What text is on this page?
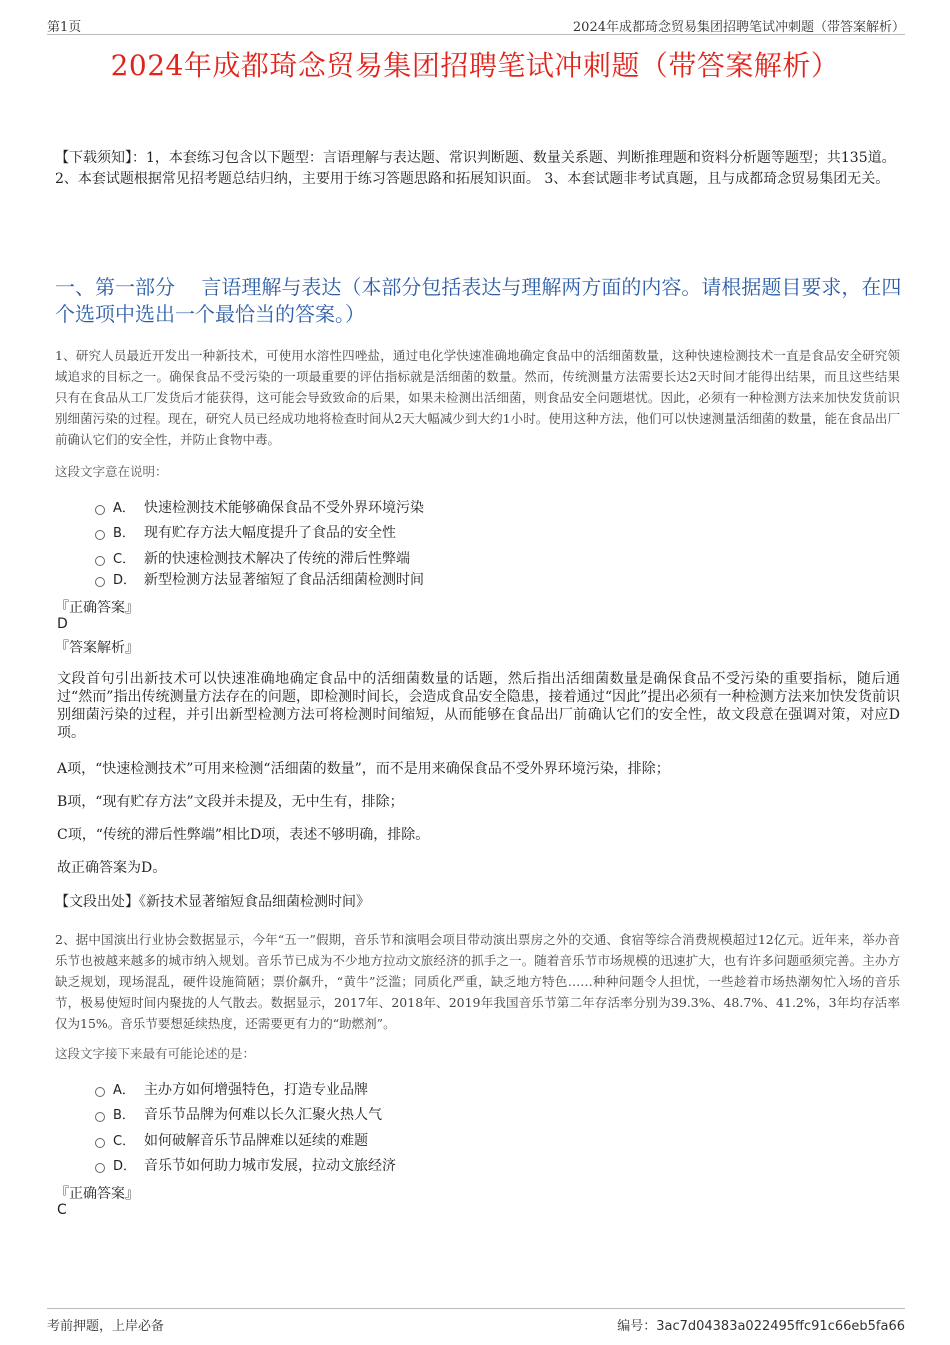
第1页	2024年成都琦念贸易集团招聘笔试冲刺题（带答案解析）
2024年成都琦念贸易集团招聘笔试冲刺题（带答案解析）
【下载须知】：1，本套练习包含以下题型：言语理解与表达题、常识判断题、数量关系题、判断推理题和资料分析题等题型；共135道。 2、本套试题根据常见招考题总结归纳，主要用于练习答题思路和拓展知识面。 3、本套试题非考试真题，且与成都琦念贸易集团无关。
一、第一部分　 言语理解与表达（本部分包括表达与理解两方面的内容。请根据题目要求，在四个选项中选出一个最恰当的答案。）
1、研究人员最近开发出一种新技术，可使用水溶性四唑盐，通过电化学快速准确地确定食品中的活细菌数量，这种快速检测技术一直是食品安全研究领域追求的目标之一。确保食品不受污染的一项最重要的评估指标就是活细菌的数量。然而，传统测量方法需要长达2天时间才能得出结果，而且这些结果只有在食品从工厂发货后才能获得，这可能会导致致命的后果，如果未检测出活细菌，则食品安全问题堪忧。因此，必须有一种检测方法来加快发货前识别细菌污染的过程。现在，研究人员已经成功地将检查时间从2天大幅减少到大约1小时。使用这种方法，他们可以快速测量活细菌的数量，能在食品出厂前确认它们的安全性，并防止食物中毒。
这段文字意在说明：
A． 快速检测技术能够确保食品不受外界环境污染
B． 现有贮存方法大幅度提升了食品的安全性
C． 新的快速检测技术解决了传统的滞后性弊端
D． 新型检测方法显著缩短了食品活细菌检测时间
『正确答案』
D
『答案解析』
文段首句引出新技术可以快速准确地确定食品中的活细菌数量的话题，然后指出活细菌数量是确保食品不受污染的重要指标，随后通过“然而”指出传统测量方法存在的问题，即检测时间长，会造成食品安全隐患，接着通过“因此”提出必须有一种检测方法来加快发货前识别细菌污染的过程，并引出新型检测方法可将检测时间缩短，从而能够在食品出厂前确认它们的安全性，故文段意在强调对策，对应D项。
A项，“快速检测技术”可用来检测“活细菌的数量”，而不是用来确保食品不受外界环境污染，排除；
B项，“现有贮存方法”文段并未提及，无中生有，排除；
C项，“传统的滞后性弊端”相比D项，表述不够明确，排除。
故正确答案为D。
【文段出处】《新技术显著缩短食品细菌检测时间》
2、据中国演出行业协会数据显示，今年“五一”假期，音乐节和演唱会项目带动演出票房之外的交通、食宿等综合消费规模超过12亿元。近年来，举办音乐节也被越来越多的城市纳入规划。音乐节已成为不少地方拉动文旅经济的抓手之一。随着音乐节市场规模的迅速扩大，也有许多问题亟须完善。主办方缺乏规划，现场混乱，硬件设施简陋；票价飙升，“黄牛”泛滥；同质化严重，缺乏地方特色……种种问题令人担忧，一些趁着市场热潮匆忙入场的音乐节，极易使短时间内聚拢的人气散去。数据显示，2017年、2018年、2019年我国音乐节第二年存活率分别为39.3%、48.7%、41.2%，3年均存活率仅为15%。音乐节要想延续热度，还需要更有力的“助燃剂”。
这段文字接下来最有可能论述的是：
A． 主办方如何增强特色，打造专业品牌
B． 音乐节品牌为何难以长久汇聚火热人气
C． 如何破解音乐节品牌难以延续的难题
D． 音乐节如何助力城市发展，拉动文旅经济
『正确答案』
C
考前押题，上岸必备	编号：3ac7d04383a022495ffc91c66eb5fa66
